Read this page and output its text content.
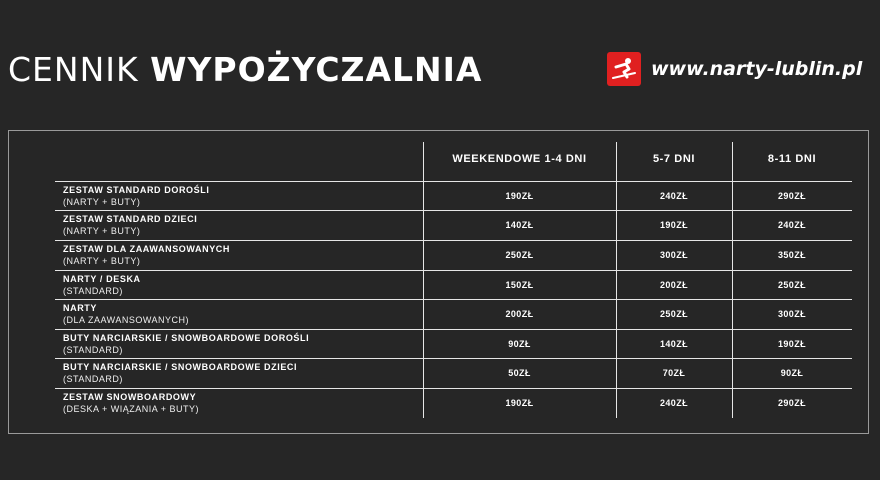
CENNIK WYPOŻYCZALNIA	www.narty-lublin.pl
WEEKENDOWE 1-4 DNI	5-7 DNI	8-11 DNI
ZESTAW STANDARD DOROŚLI
(NARTY + BUTY)
190ZŁ	240ZŁ	290ZŁ
ZESTAW STANDARD DZIECI
(NARTY + BUTY)
140ZŁ	190ZŁ	240ZŁ
ZESTAW DLA ZAAWANSOWANYCH
(NARTY + BUTY)
250ZŁ	300ZŁ	350ZŁ
NARTY / DESKA
(STANDARD)
150ZŁ	200ZŁ	250ZŁ
NARTY
(DLA ZAAWANSOWANYCH)
200ZŁ	250ZŁ	300ZŁ
BUTY NARCIARSKIE / SNOWBOARDOWE DOROŚLI
(STANDARD)
90ZŁ	140ZŁ	190ZŁ
BUTY NARCIARSKIE / SNOWBOARDOWE DZIECI
(STANDARD)
50ZŁ	70ZŁ	90ZŁ
ZESTAW SNOWBOARDOWY
(DESKA + WIĄZANIA + BUTY)
190ZŁ	240ZŁ	290ZŁ
